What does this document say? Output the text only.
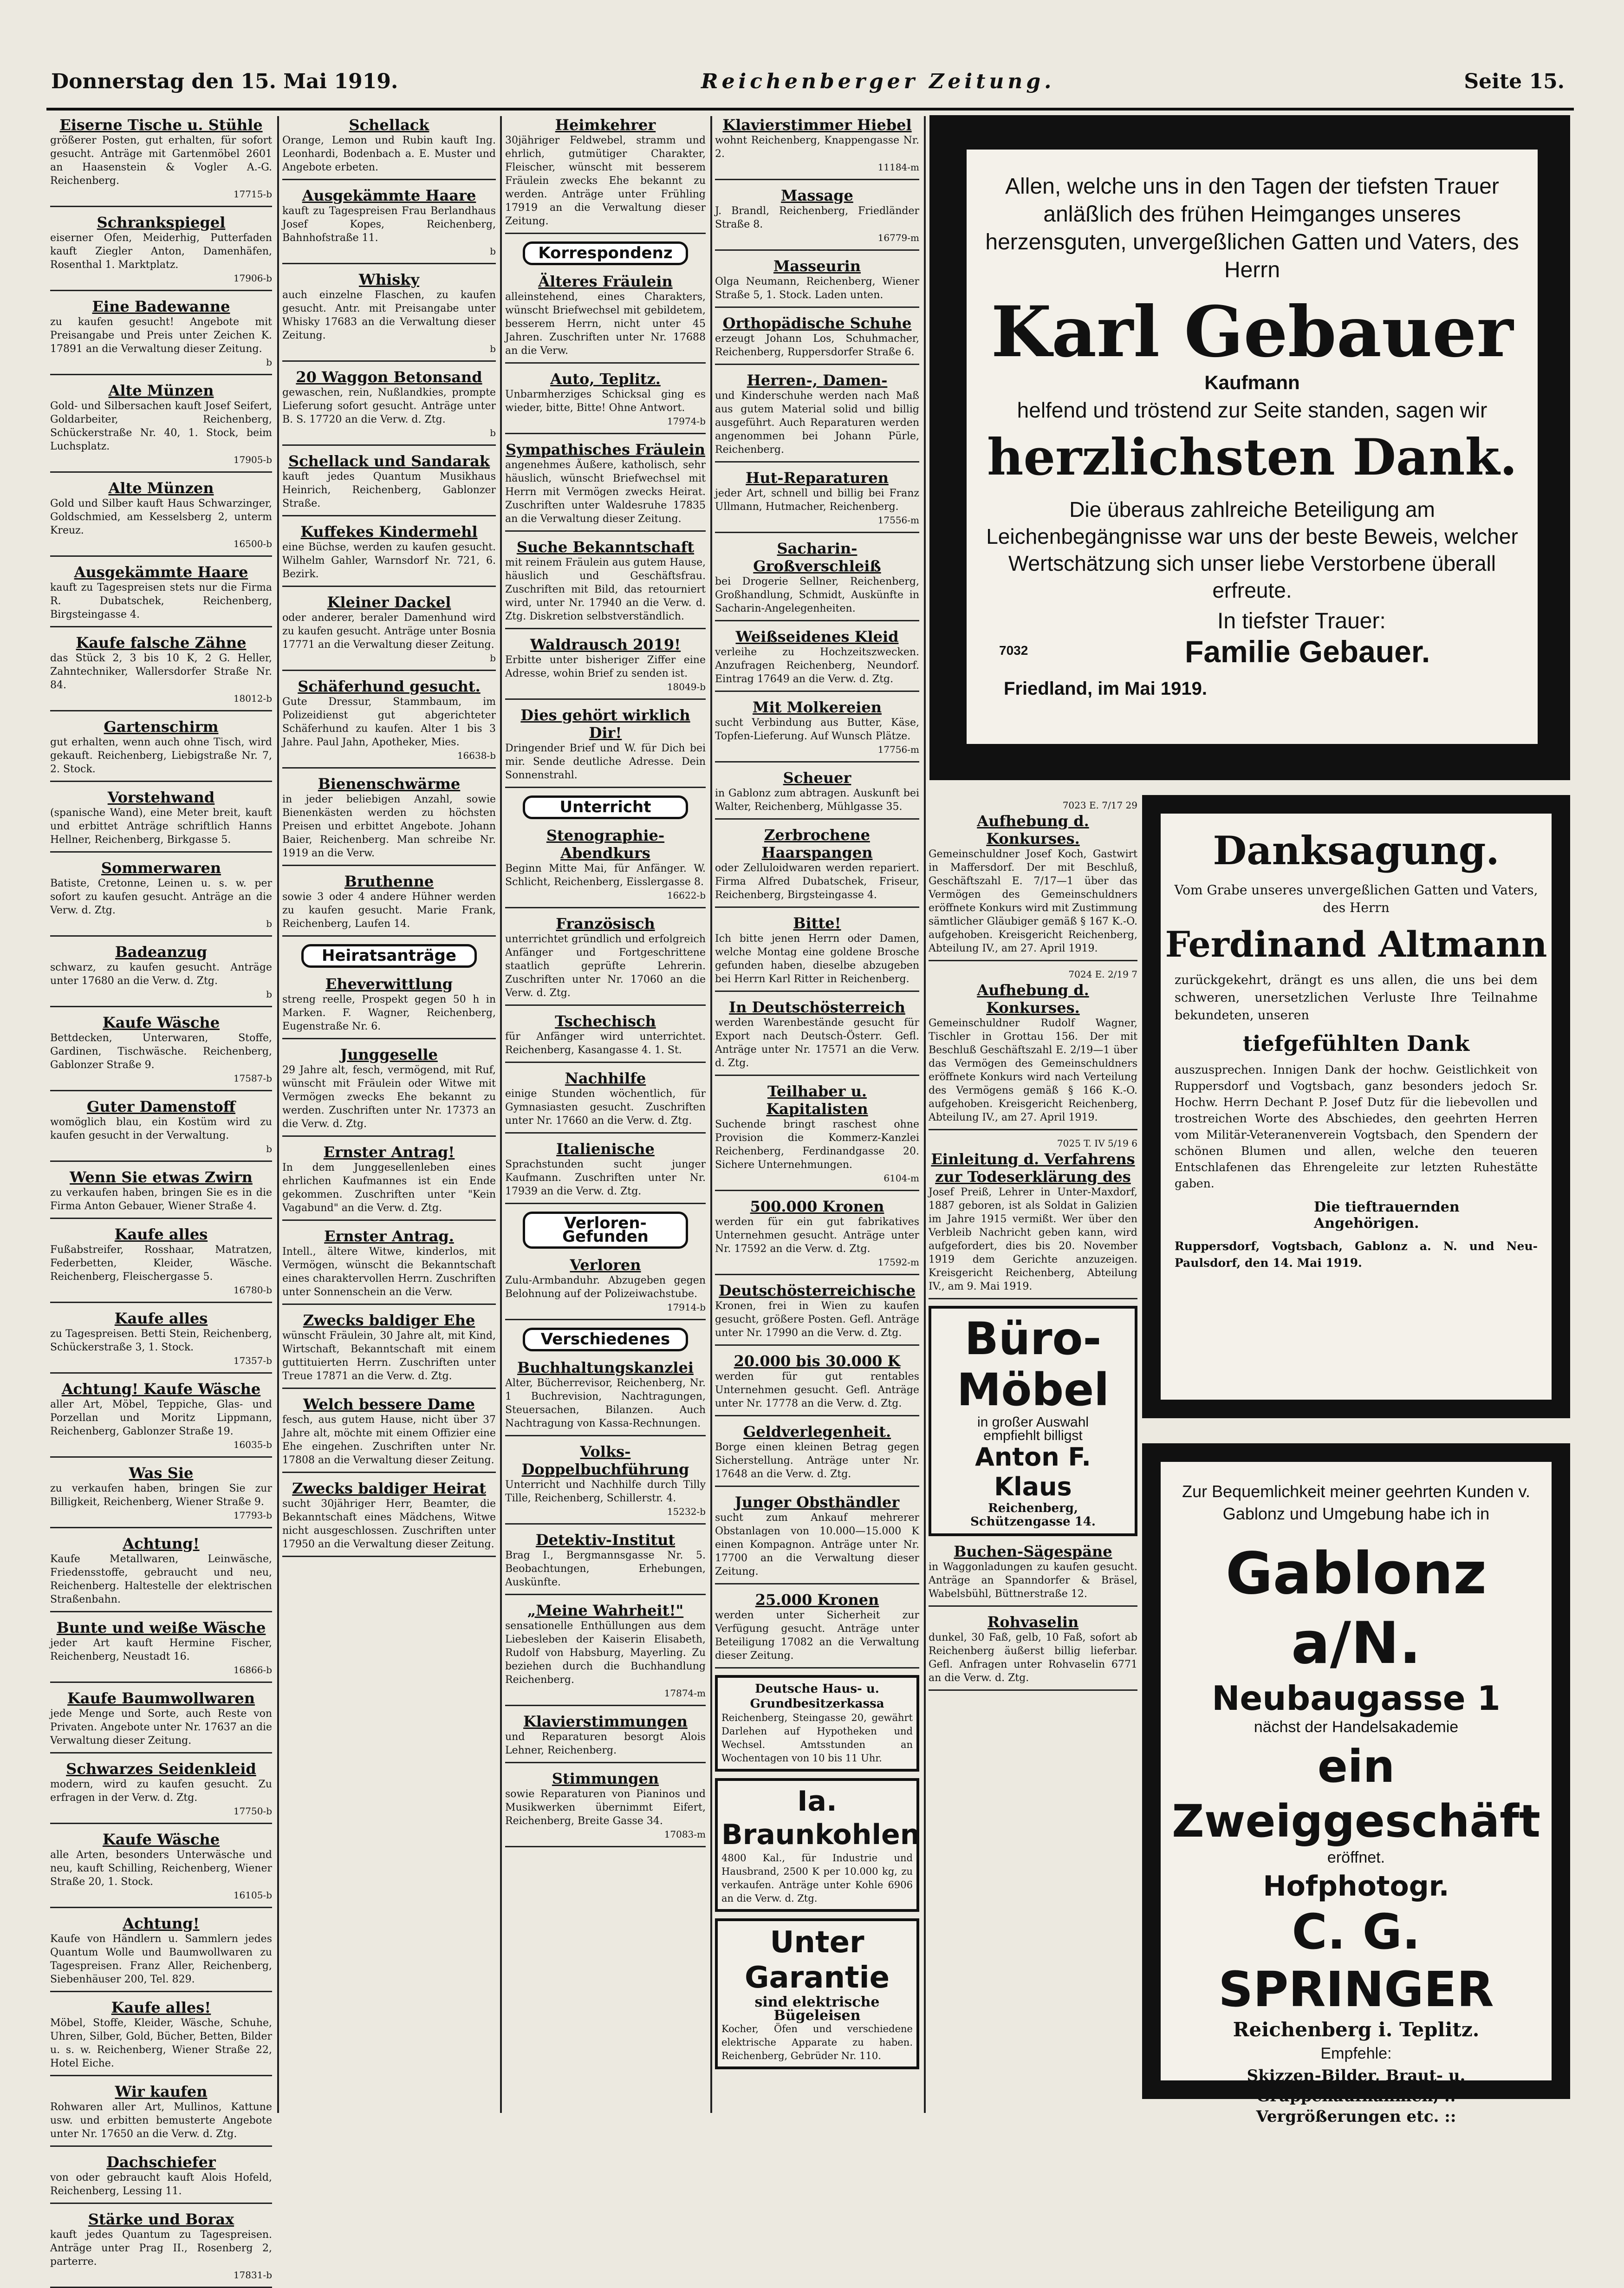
Donnerstag den 15. Mai 1919.	Reichenberger Zeitung.	Seite 15.
Eiserne Tische u. Stühle

größerer Posten, gut erhalten, für sofort gesucht. Anträge mit Gartenmöbel 2601 an Haasenstein & Vogler A.-G. Reichenberg.

17715-b
Schrankspiegel

eiserner Ofen, Meiderhig, Putterfaden kauft Ziegler Anton, Damenhäfen, Rosenthal 1. Marktplatz.

17906-b
Eine Badewanne

zu kaufen gesucht! Angebote mit Preisangabe und Preis unter Zeichen K. 17891 an die Verwaltung dieser Zeitung.

b
Alte Münzen

Gold- und Silbersachen kauft Josef Seifert, Goldarbeiter, Reichenberg, Schückerstraße Nr. 40, 1. Stock, beim Luchsplatz.

17905-b
Alte Münzen

Gold und Silber kauft Haus Schwarzinger, Goldschmied, am Kesselsberg 2, unterm Kreuz.

16500-b
Ausgekämmte Haare

kauft zu Tagespreisen stets nur die Firma R. Dubatschek, Reichenberg, Birgsteingasse 4.

Kaufe falsche Zähne

das Stück 2, 3 bis 10 K, 2 G. Heller, Zahntechniker, Wallersdorfer Straße Nr. 84.

18012-b
Gartenschirm

gut erhalten, wenn auch ohne Tisch, wird gekauft. Reichenberg, Liebigstraße Nr. 7, 2. Stock.

Vorstehwand

(spanische Wand), eine Meter breit, kauft und erbittet Anträge schriftlich Hanns Hellner, Reichenberg, Birkgasse 5.

Sommerwaren

Batiste, Cretonne, Leinen u. s. w. per sofort zu kaufen gesucht. Anträge an die Verw. d. Ztg.

b
Badeanzug

schwarz, zu kaufen gesucht. Anträge unter 17680 an die Verw. d. Ztg.

b
Kaufe Wäsche

Bettdecken, Unterwaren, Stoffe, Gardinen, Tischwäsche. Reichenberg, Gablonzer Straße 9.

17587-b
Guter Damenstoff

womöglich blau, ein Kostüm wird zu kaufen gesucht in der Verwaltung.

b
Wenn Sie etwas Zwirn

zu verkaufen haben, bringen Sie es in die Firma Anton Gebauer, Wiener Straße 4.

Kaufe alles

Fußabstreifer, Rosshaar, Matratzen, Federbetten, Kleider, Wäsche. Reichenberg, Fleischergasse 5.

16780-b
Kaufe alles

zu Tagespreisen. Betti Stein, Reichenberg, Schückerstraße 3, 1. Stock.

17357-b
Achtung! Kaufe Wäsche

aller Art, Möbel, Teppiche, Glas- und Porzellan und Moritz Lippmann, Reichenberg, Gablonzer Straße 19.

16035-b
Was Sie

zu verkaufen haben, bringen Sie zur Billigkeit, Reichenberg, Wiener Straße 9.

17793-b
Achtung!

Kaufe Metallwaren, Leinwäsche, Friedensstoffe, gebraucht und neu, Reichenberg. Haltestelle der elektrischen Straßenbahn.

Bunte und weiße Wäsche

jeder Art kauft Hermine Fischer, Reichenberg, Neustadt 16.

16866-b
Kaufe Baumwollwaren

jede Menge und Sorte, auch Reste von Privaten. Angebote unter Nr. 17637 an die Verwaltung dieser Zeitung.

Schwarzes Seidenkleid

modern, wird zu kaufen gesucht. Zu erfragen in der Verw. d. Ztg.

17750-b
Kaufe Wäsche

alle Arten, besonders Unterwäsche und neu, kauft Schilling, Reichenberg, Wiener Straße 20, 1. Stock.

16105-b
Achtung!

Kaufe von Händlern u. Sammlern jedes Quantum Wolle und Baumwollwaren zu Tagespreisen. Franz Aller, Reichenberg, Siebenhäuser 200, Tel. 829.

Kaufe alles!

Möbel, Stoffe, Kleider, Wäsche, Schuhe, Uhren, Silber, Gold, Bücher, Betten, Bilder u. s. w. Reichenberg, Wiener Straße 22, Hotel Eiche.

Wir kaufen

Rohwaren aller Art, Mullinos, Kattune usw. und erbitten bemusterte Angebote unter Nr. 17650 an die Verw. d. Ztg.

Dachschiefer

von oder gebraucht kauft Alois Hofeld, Reichenberg, Lessing 11.

Stärke und Borax

kauft jedes Quantum zu Tagespreisen. Anträge unter Prag II., Rosenberg 2, parterre.

17831-b
Schellack

Orange, Lemon und Rubin kauft Ing. Leonhardi, Bodenbach a. E. Muster und Angebote erbeten.

Ausgekämmte Haare

kauft zu Tagespreisen Frau Berlandhaus Josef Kopes, Reichenberg, Bahnhofstraße 11.

b
Whisky

auch einzelne Flaschen, zu kaufen gesucht. Antr. mit Preisangabe unter Whisky 17683 an die Verwaltung dieser Zeitung.

b
20 Waggon Betonsand

gewaschen, rein, Nußlandkies, prompte Lieferung sofort gesucht. Anträge unter B. S. 17720 an die Verw. d. Ztg.

b
Schellack und Sandarak

kauft jedes Quantum Musikhaus Heinrich, Reichenberg, Gablonzer Straße.

Kuffekes Kindermehl

eine Büchse, werden zu kaufen gesucht. Wilhelm Gahler, Warnsdorf Nr. 721, 6. Bezirk.

Kleiner Dackel

oder anderer, beraler Damenhund wird zu kaufen gesucht. Anträge unter Bosnia 17771 an die Verwaltung dieser Zeitung.

b
Schäferhund gesucht.

Gute Dressur, Stammbaum, im Polizeidienst gut abgerichteter Schäferhund zu kaufen. Alter 1 bis 3 Jahre. Paul Jahn, Apotheker, Mies.

16638-b
Bienenschwärme

in jeder beliebigen Anzahl, sowie Bienenkästen werden zu höchsten Preisen und erbittet Angebote. Johann Baier, Reichenberg. Man schreibe Nr. 1919 an die Verw.

Bruthenne

sowie 3 oder 4 andere Hühner werden zu kaufen gesucht. Marie Frank, Reichenberg, Laufen 14.

Heiratsanträge
Eheverwittlung

streng reelle, Prospekt gegen 50 h in Marken. F. Wagner, Reichenberg, Eugenstraße Nr. 6.

Junggeselle

29 Jahre alt, fesch, vermögend, mit Ruf, wünscht mit Fräulein oder Witwe mit Vermögen zwecks Ehe bekannt zu werden. Zuschriften unter Nr. 17373 an die Verw. d. Ztg.

Ernster Antrag!

In dem Junggesellenleben eines ehrlichen Kaufmannes ist ein Ende gekommen. Zuschriften unter "Kein Vagabund" an die Verw. d. Ztg.

Ernster Antrag.

Intell., ältere Witwe, kinderlos, mit Vermögen, wünscht die Bekanntschaft eines charaktervollen Herrn. Zuschriften unter Sonnenschein an die Verw.

Zwecks baldiger Ehe

wünscht Fräulein, 30 Jahre alt, mit Kind, Wirtschaft, Bekanntschaft mit einem guttituierten Herrn. Zuschriften unter Treue 17871 an die Verw. d. Ztg.

Welch bessere Dame

fesch, aus gutem Hause, nicht über 37 Jahre alt, möchte mit einem Offizier eine Ehe eingehen. Zuschriften unter Nr. 17808 an die Verwaltung dieser Zeitung.

Zwecks baldiger Heirat

sucht 30jähriger Herr, Beamter, die Bekanntschaft eines Mädchens, Witwe nicht ausgeschlossen. Zuschriften unter 17950 an die Verwaltung dieser Zeitung.

Heimkehrer

30jähriger Feldwebel, stramm und ehrlich, gutmütiger Charakter, Fleischer, wünscht mit besserem Fräulein zwecks Ehe bekannt zu werden. Anträge unter Frühling 17919 an die Verwaltung dieser Zeitung.

Korrespondenz
Älteres Fräulein

alleinstehend, eines Charakters, wünscht Briefwechsel mit gebildetem, besserem Herrn, nicht unter 45 Jahren. Zuschriften unter Nr. 17688 an die Verw.

Auto, Teplitz.

Unbarmherziges Schicksal ging es wieder, bitte, Bitte! Ohne Antwort.

17974-b
Sympathisches Fräulein

angenehmes Äußere, katholisch, sehr häuslich, wünscht Briefwechsel mit Herrn mit Vermögen zwecks Heirat. Zuschriften unter Waldesruhe 17835 an die Verwaltung dieser Zeitung.

Suche Bekanntschaft

mit reinem Fräulein aus gutem Hause, häuslich und Geschäftsfrau. Zuschriften mit Bild, das retourniert wird, unter Nr. 17940 an die Verw. d. Ztg. Diskretion selbstverständlich.

Waldrausch 2019!

Erbitte unter bisheriger Ziffer eine Adresse, wohin Brief zu senden ist.

18049-b
Dies gehört wirklich Dir!

Dringender Brief und W. für Dich bei mir. Sende deutliche Adresse. Dein Sonnenstrahl.

Unterricht
Stenographie-Abendkurs

Beginn Mitte Mai, für Anfänger. W. Schlicht, Reichenberg, Eisslergasse 8.

16622-b
Französisch

unterrichtet gründlich und erfolgreich Anfänger und Fortgeschrittene staatlich geprüfte Lehrerin. Zuschriften unter Nr. 17060 an die Verw. d. Ztg.

Tschechisch

für Anfänger wird unterrichtet. Reichenberg, Kasangasse 4. 1. St.

Nachhilfe

einige Stunden wöchentlich, für Gymnasiasten gesucht. Zuschriften unter Nr. 17660 an die Verw. d. Ztg.

Italienische

Sprachstunden sucht junger Kaufmann. Zuschriften unter Nr. 17939 an die Verw. d. Ztg.

Verloren-Gefunden
Verloren

Zulu-Armbanduhr. Abzugeben gegen Belohnung auf der Polizeiwachstube.

17914-b
Verschiedenes
Buchhaltungskanzlei

Alter, Bücherrevisor, Reichenberg, Nr. 1 Buchrevision, Nachtragungen, Steuersachen, Bilanzen. Auch Nachtragung von Kassa-Rechnungen.

Volks-Doppelbuchführung

Unterricht und Nachhilfe durch Tilly Tille, Reichenberg, Schillerstr. 4.

15232-b
Detektiv-Institut

Brag I., Bergmannsgasse Nr. 5. Beobachtungen, Erhebungen, Auskünfte.

„Meine Wahrheit!"

sensationelle Enthüllungen aus dem Liebesleben der Kaiserin Elisabeth, Rudolf von Habsburg, Mayerling. Zu beziehen durch die Buchhandlung Reichenberg.

17874-m
Klavierstimmungen

und Reparaturen besorgt Alois Lehner, Reichenberg.

Stimmungen

sowie Reparaturen von Pianinos und Musikwerken übernimmt Eifert, Reichenberg, Breite Gasse 34.

17083-m
Klavierstimmer Hiebel

wohnt Reichenberg, Knappengasse Nr. 2.

11184-m
Massage

J. Brandl, Reichenberg, Friedländer Straße 8.

16779-m
Masseurin

Olga Neumann, Reichenberg, Wiener Straße 5, 1. Stock. Laden unten.

Orthopädische Schuhe

erzeugt Johann Los, Schuhmacher, Reichenberg, Ruppersdorfer Straße 6.

Herren-, Damen-

und Kinderschuhe werden nach Maß aus gutem Material solid und billig ausgeführt. Auch Reparaturen werden angenommen bei Johann Pürle, Reichenberg.

Hut-Reparaturen

jeder Art, schnell und billig bei Franz Ullmann, Hutmacher, Reichenberg.

17556-m
Sacharin-Großverschleiß

bei Drogerie Sellner, Reichenberg, Großhandlung, Schmidt, Auskünfte in Sacharin-Angelegenheiten.

Weißseidenes Kleid

verleihe zu Hochzeitszwecken. Anzufragen Reichenberg, Neundorf. Eintrag 17649 an die Verw. d. Ztg.

Mit Molkereien

sucht Verbindung aus Butter, Käse, Topfen-Lieferung. Auf Wunsch Plätze.

17756-m
Scheuer

in Gablonz zum abtragen. Auskunft bei Walter, Reichenberg, Mühlgasse 35.

Zerbrochene Haarspangen

oder Zelluloidwaren werden repariert. Firma Alfred Dubatschek, Friseur, Reichenberg, Birgsteingasse 4.

Bitte!

Ich bitte jenen Herrn oder Damen, welche Montag eine goldene Brosche gefunden haben, dieselbe abzugeben bei Herrn Karl Ritter in Reichenberg.

In Deutschösterreich

werden Warenbestände gesucht für Export nach Deutsch-Österr. Gefl. Anträge unter Nr. 17571 an die Verw. d. Ztg.

Teilhaber u. Kapitalisten

Suchende bringt raschest ohne Provision die Kommerz-Kanzlei Reichenberg, Ferdinandgasse 20. Sichere Unternehmungen.

6104-m
500.000 Kronen

werden für ein gut fabrikatives Unternehmen gesucht. Anträge unter Nr. 17592 an die Verw. d. Ztg.

17592-m
Deutschösterreichische

Kronen, frei in Wien zu kaufen gesucht, größere Posten. Gefl. Anträge unter Nr. 17990 an die Verw. d. Ztg.

20.000 bis 30.000 K

werden für gut rentables Unternehmen gesucht. Gefl. Anträge unter Nr. 17778 an die Verw. d. Ztg.

Geldverlegenheit.

Borge einen kleinen Betrag gegen Sicherstellung. Anträge unter Nr. 17648 an die Verw. d. Ztg.

Junger Obsthändler

sucht zum Ankauf mehrerer Obstanlagen von 10.000—15.000 K einen Kompagnon. Anträge unter Nr. 17700 an die Verwaltung dieser Zeitung.

25.000 Kronen

werden unter Sicherheit zur Verfügung gesucht. Anträge unter Beteiligung 17082 an die Verwaltung dieser Zeitung.

Deutsche Haus- u. Grundbesitzerkassa
Reichenberg, Steingasse 20, gewährt Darlehen auf Hypotheken und Wechsel. Amtsstunden an Wochentagen von 10 bis 11 Uhr.
Ia. Braunkohlen
4800 Kal., für Industrie und Hausbrand, 2500 K per 10.000 kg, zu verkaufen. Anträge unter Kohle 6906 an die Verw. d. Ztg.
Unter Garantie
sind elektrische Bügeleisen
Kocher, Öfen und verschiedene elektrische Apparate zu haben. Reichenberg, Gebrüder Nr. 110.
7023 E. 7/17 29
Aufhebung d. Konkurses.

Gemeinschuldner Josef Koch, Gastwirt in Maffersdorf. Der mit Beschluß, Geschäftszahl E. 7/17—1 über das Vermögen des Gemeinschuldners eröffnete Konkurs wird mit Zustimmung sämtlicher Gläubiger gemäß § 167 K.-O. aufgehoben. Kreisgericht Reichenberg, Abteilung IV., am 27. April 1919.

7024 E. 2/19 7
Aufhebung d. Konkurses.

Gemeinschuldner Rudolf Wagner, Tischler in Grottau 156. Der mit Beschluß Geschäftszahl E. 2/19—1 über das Vermögen des Gemeinschuldners eröffnete Konkurs wird nach Verteilung des Vermögens gemäß § 166 K.-O. aufgehoben. Kreisgericht Reichenberg, Abteilung IV., am 27. April 1919.

7025 T. IV 5/19 6
Einleitung d. Verfahrens zur Todeserklärung des

Josef Preiß, Lehrer in Unter-Maxdorf, 1887 geboren, ist als Soldat in Galizien im Jahre 1915 vermißt. Wer über den Verbleib Nachricht geben kann, wird aufgefordert, dies bis 20. November 1919 dem Gerichte anzuzeigen. Kreisgericht Reichenberg, Abteilung IV., am 9. Mai 1919.

Büro-Möbel
in großer Auswahl
empfiehlt billigst
Anton F. Klaus
Reichenberg, Schützengasse 14.
Buchen-Sägespäne

in Waggonladungen zu kaufen gesucht. Anträge an Spanndorfer & Bräsel, Wabelsbühl, Büttnerstraße 12.

Rohvaselin

dunkel, 30 Faß, gelb, 10 Faß, sofort ab Reichenberg äußerst billig lieferbar. Gefl. Anfragen unter Rohvaselin 6771 an die Verw. d. Ztg.

Allen, welche uns in den Tagen der tiefsten Trauer anläßlich des frühen Heimganges unseres herzensguten, unvergeßlichen Gatten und Vaters, des Herrn
Karl Gebauer
Kaufmann
helfend und tröstend zur Seite standen, sagen wir
herzlichsten Dank.
Die überaus zahlreiche Beteiligung am Leichenbegängnisse war uns der beste Beweis, welcher Wertschätzung sich unser liebe Verstorbene überall erfreute.
In tiefster Trauer:
7032	Familie Gebauer.
Friedland, im Mai 1919.
Danksagung.
Vom Grabe unseres unvergeßlichen Gatten und Vaters, des Herrn
Ferdinand Altmann
zurückgekehrt, drängt es uns allen, die uns bei dem schweren, unersetzlichen Verluste Ihre Teilnahme bekundeten, unseren
tiefgefühlten Dank
auszusprechen. Innigen Dank der hochw. Geistlichkeit von Ruppersdorf und Vogtsbach, ganz besonders jedoch Sr. Hochw. Herrn Dechant P. Josef Dutz für die liebevollen und trostreichen Worte des Abschiedes, den geehrten Herren vom Militär-Veteranenverein Vogtsbach, den Spendern der schönen Blumen und allen, welche den teueren Entschlafenen das Ehrengeleite zur letzten Ruhestätte gaben.
Die tieftrauernden Angehörigen.
Ruppersdorf, Vogtsbach, Gablonz a. N. und Neu-Paulsdorf, den 14. Mai 1919.
Zur Bequemlichkeit meiner geehrten Kunden v. Gablonz und Umgebung habe ich in
Gablonz a/N.
Neubaugasse 1
nächst der Handelsakademie
ein Zweiggeschäft
eröffnet.
Hofphotogr.
C. G. SPRINGER
Reichenberg i. Teplitz.
Empfehle:
Skizzen-Bilder, Braut- u. Gruppenaufnahmen, :: Vergrößerungen etc. ::
